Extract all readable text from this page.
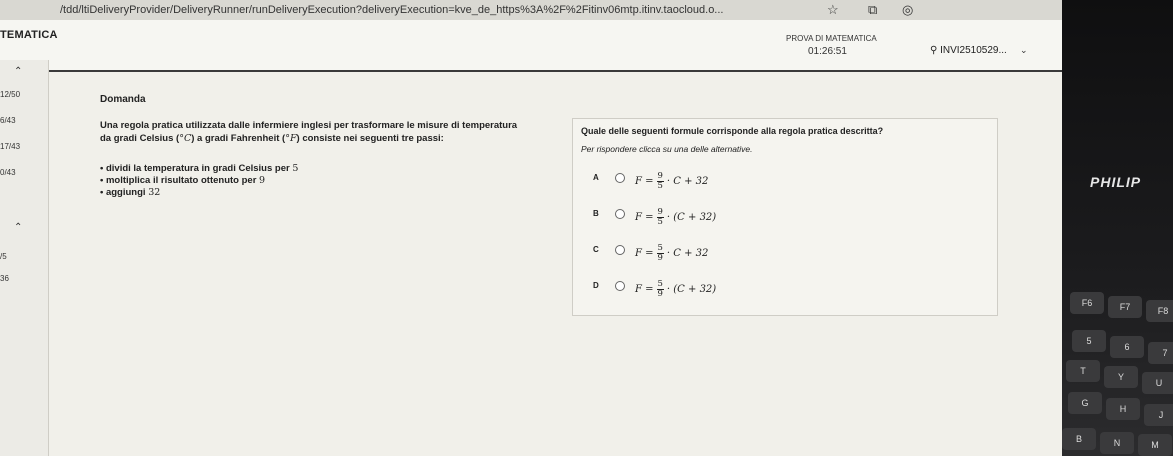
/tdd/ltiDeliveryProvider/DeliveryRunner/runDeliveryExecution?deliveryExecution=kve_de_https%3A%2F%2Fitinv06mtp.itinv.taocloud.o...	☆ ⧉ ◎
TEMATICA	PROVA DI MATEMATICA
01:26:51	⚲ INVI2510529... ⌄
⌃
12/50
6/43
17/43
0/43
⌃
/5
36
Domanda
Una regola pratica utilizzata dalle infermiere inglesi per trasformare le misure di temperatura
da gradi Celsius (°C) a gradi Fahrenheit (°F) consiste nei seguenti tre passi:
• dividi la temperatura in gradi Celsius per 5
• moltiplica il risultato ottenuto per 9
• aggiungi 32
Quale delle seguenti formule corrisponde alla regola pratica descritta?
Per rispondere clicca su una delle alternative.
A	$F = \frac{9}{5} \cdot C + 32$
B	$F = \frac{9}{5} \cdot (C + 32)$
C	$F = \frac{5}{9} \cdot C + 32$
D	$F = \frac{5}{9} \cdot (C + 32)$
F6	F7	F8
5
6
7
T
Y
U
G
H
J
B	N	M
PHILIP
